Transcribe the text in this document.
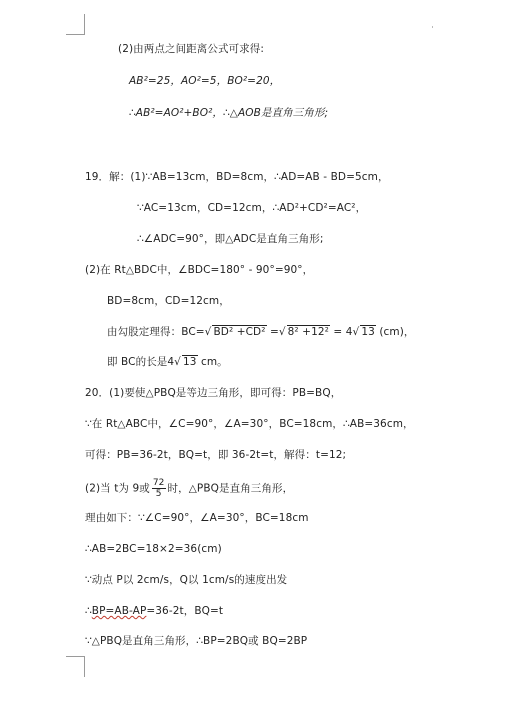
(2)由两点之间距离公式可求得:
AB²=25，AO²=5，BO²=20，
∴AB²=AO²+BO²，∴△AOB是直角三角形;
19．解：(1)∵AB=13cm，BD=8cm，∴AD=AB - BD=5cm，
∵AC=13cm，CD=12cm，∴AD²+CD²=AC²，
∴∠ADC=90°，即△ADC是直角三角形;
(2)在 Rt△BDC中，∠BDC=180° - 90°=90°，
BD=8cm，CD=12cm，
由勾股定理得：BC=√ BD² +CD² =√ 8² +12² = 4√ 13 (cm)，
即 BC的长是4√ 13 cm。
20．(1)要使△PBQ是等边三角形，即可得：PB=BQ，
∵在 Rt△ABC中，∠C=90°，∠A=30°，BC=18cm，∴AB=36cm，
可得：PB=36-2t，BQ=t，即 36-2t=t，解得：t=12;
(2)当 t为 9或 $\frac{72}{5}$ 时，△PBQ是直角三角形，
理由如下：∵∠C=90°，∠A=30°，BC=18cm
∴AB=2BC=18×2=36(cm)
∵动点 P以 2cm/s，Q以 1cm/s的速度出发
∴BP=AB-AP=36-2t，BQ=t
∵△PBQ是直角三角形，∴BP=2BQ或 BQ=2BP
